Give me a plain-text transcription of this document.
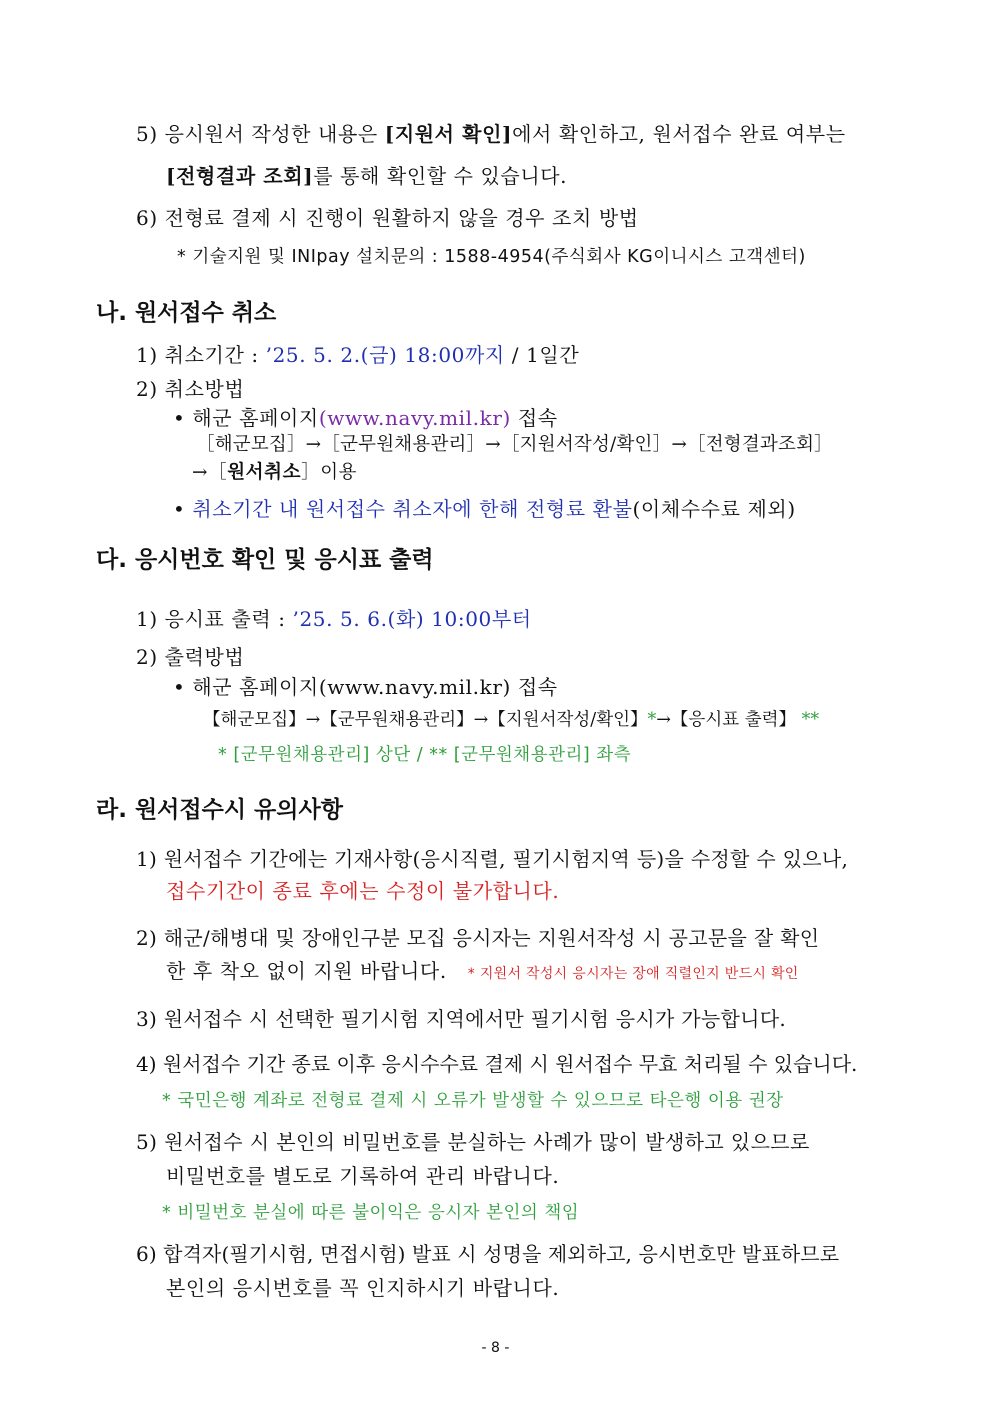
5) 응시원서 작성한 내용은 [지원서 확인]에서 확인하고, 원서접수 완료 여부는
[전형결과 조회]를 통해 확인할 수 있습니다.
6) 전형료 결제 시 진행이 원활하지 않을 경우 조치 방법
* 기술지원 및 INIpay 설치문의 : 1588-4954(주식회사 KG이니시스 고객센터)
나. 원서접수 취소
1) 취소기간 : ’25. 5. 2.(금) 18:00까지 / 1일간
2) 취소방법
• 해군 홈페이지(www.navy.mil.kr) 접속
［해군모집］→［군무원채용관리］→［지원서작성/확인］→［전형결과조회］
→［원서취소］이용
• 취소기간 내 원서접수 취소자에 한해 전형료 환불(이체수수료 제외)
다. 응시번호 확인 및 응시표 출력
1) 응시표 출력 : ’25. 5. 6.(화) 10:00부터
2) 출력방법
• 해군 홈페이지(www.navy.mil.kr) 접속
【해군모집】→【군무원채용관리】→【지원서작성/확인】*→【응시표 출력】 **
* [군무원채용관리] 상단 / ** [군무원채용관리] 좌측
라. 원서접수시 유의사항
1) 원서접수 기간에는 기재사항(응시직렬, 필기시험지역 등)을 수정할 수 있으나,
접수기간이 종료 후에는 수정이 불가합니다.
2) 해군/해병대 및 장애인구분 모집 응시자는 지원서작성 시 공고문을 잘 확인
한 후 착오 없이 지원 바랍니다. * 지원서 작성시 응시자는 장애 직렬인지 반드시 확인
3) 원서접수 시 선택한 필기시험 지역에서만 필기시험 응시가 가능합니다.
4) 원서접수 기간 종료 이후 응시수수료 결제 시 원서접수 무효 처리될 수 있습니다.
* 국민은행 계좌로 전형료 결제 시 오류가 발생할 수 있으므로 타은행 이용 권장
5) 원서접수 시 본인의 비밀번호를 분실하는 사례가 많이 발생하고 있으므로
비밀번호를 별도로 기록하여 관리 바랍니다.
* 비밀번호 분실에 따른 불이익은 응시자 본인의 책임
6) 합격자(필기시험, 면접시험) 발표 시 성명을 제외하고, 응시번호만 발표하므로
본인의 응시번호를 꼭 인지하시기 바랍니다.
- 8 -
